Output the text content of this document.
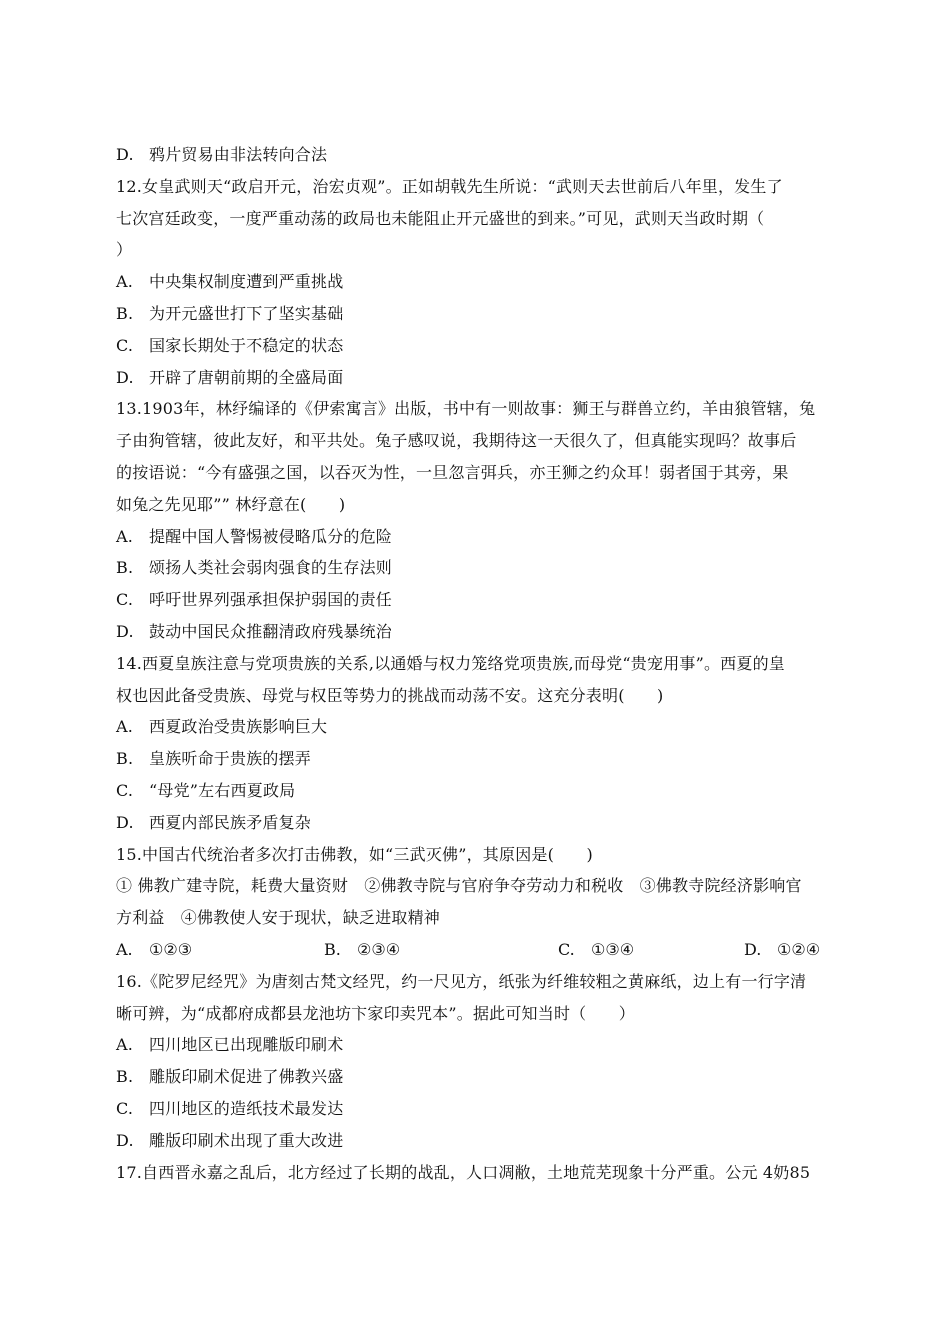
D. 鸦片贸易由非法转向合法
12.女皇武则天“政启开元，治宏贞观”。正如胡戟先生所说：“武则天去世前后八年里，发生了
七次宫廷政变，一度严重动荡的政局也未能阻止开元盛世的到来。”可见，武则天当政时期（
）
A. 中央集权制度遭到严重挑战
B. 为开元盛世打下了坚实基础
C. 国家长期处于不稳定的状态
D. 开辟了唐朝前期的全盛局面
13.1903年，林纾编译的《伊索寓言》出版，书中有一则故事：狮王与群兽立约，羊由狼管辖，兔
子由狗管辖，彼此友好，和平共处。兔子感叹说，我期待这一天很久了，但真能实现吗？故事后
的按语说：“今有盛强之国，以吞灭为性，一旦忽言弭兵，亦王狮之约众耳！弱者国于其旁，果
如兔之先见耶”” 林纾意在(　　)
A. 提醒中国人警惕被侵略瓜分的危险
B. 颂扬人类社会弱肉强食的生存法则
C. 呼吁世界列强承担保护弱国的责任
D. 鼓动中国民众推翻清政府残暴统治
14.西夏皇族注意与党项贵族的关系,以通婚与权力笼络党项贵族,而母党“贵宠用事”。西夏的皇
权也因此备受贵族、母党与权臣等势力的挑战而动荡不安。这充分表明(　　)
A. 西夏政治受贵族影响巨大
B. 皇族听命于贵族的摆弄
C. “母党”左右西夏政局
D. 西夏内部民族矛盾复杂
15.中国古代统治者多次打击佛教，如“三武灭佛”，其原因是(　　)
① 佛教广建寺院，耗费大量资财　②佛教寺院与官府争夺劳动力和税收　③佛教寺院经济影响官
方利益　④佛教使人安于现状，缺乏进取精神
A. ①②③	B. ②③④	C. ①③④	D. ①②④
16.《陀罗尼经咒》为唐刻古梵文经咒，约一尺见方，纸张为纤维较粗之黄麻纸，边上有一行字清
晰可辨，为“成都府成都县龙池坊卞家印卖咒本”。据此可知当时（　　）
A. 四川地区已出现雕版印刷术
B. 雕版印刷术促进了佛教兴盛
C. 四川地区的造纸技术最发达
D. 雕版印刷术出现了重大改进
17.自西晋永嘉之乱后，北方经过了长期的战乱，人口凋敝，土地荒芜现象十分严重。公元 4奶85
